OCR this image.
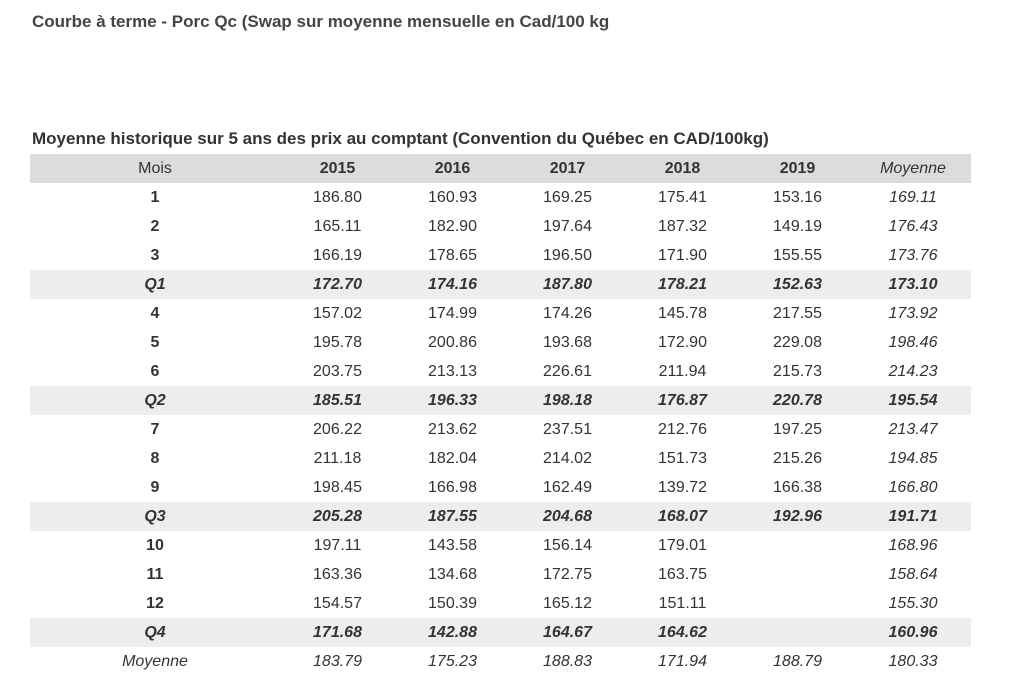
Courbe à terme - Porc Qc (Swap sur moyenne mensuelle en Cad/100 kg
Moyenne historique sur 5 ans des prix au comptant (Convention du Québec en CAD/100kg)
Mois	2015	2016	2017	2018	2019	Moyenne
1	186.80	160.93	169.25	175.41	153.16	169.11
2	165.11	182.90	197.64	187.32	149.19	176.43
3	166.19	178.65	196.50	171.90	155.55	173.76
Q1	172.70	174.16	187.80	178.21	152.63	173.10
4	157.02	174.99	174.26	145.78	217.55	173.92
5	195.78	200.86	193.68	172.90	229.08	198.46
6	203.75	213.13	226.61	211.94	215.73	214.23
Q2	185.51	196.33	198.18	176.87	220.78	195.54
7	206.22	213.62	237.51	212.76	197.25	213.47
8	211.18	182.04	214.02	151.73	215.26	194.85
9	198.45	166.98	162.49	139.72	166.38	166.80
Q3	205.28	187.55	204.68	168.07	192.96	191.71
10	197.11	143.58	156.14	179.01		168.96
11	163.36	134.68	172.75	163.75		158.64
12	154.57	150.39	165.12	151.11		155.30
Q4	171.68	142.88	164.67	164.62		160.96
Moyenne	183.79	175.23	188.83	171.94	188.79	180.33
